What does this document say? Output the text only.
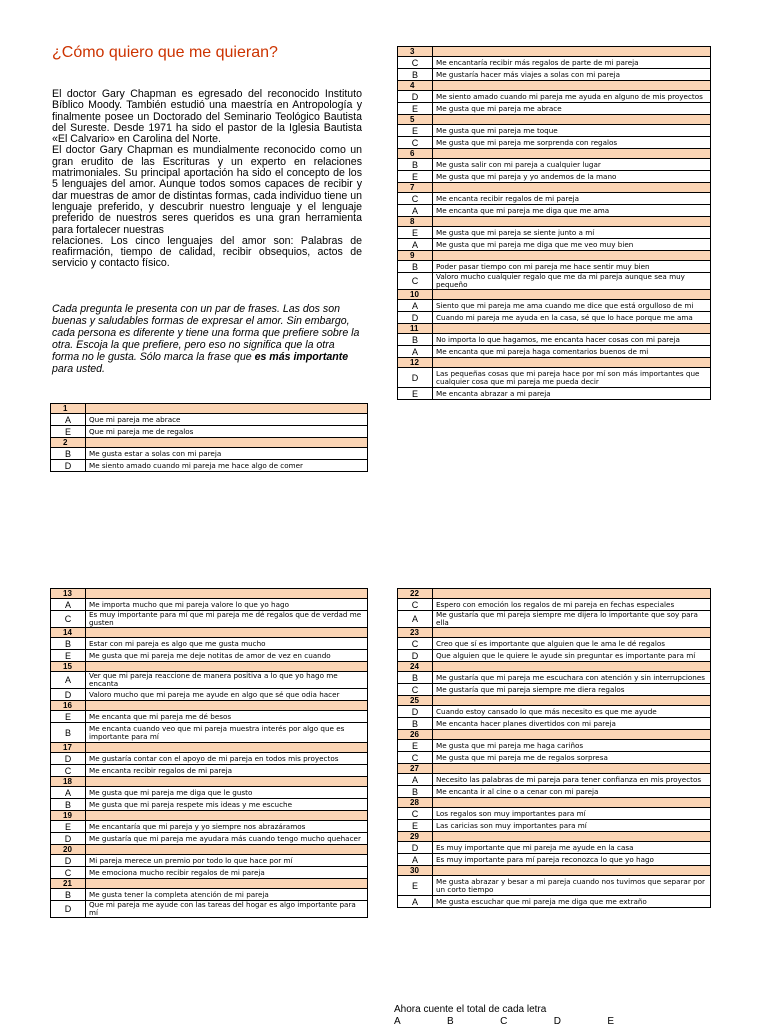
¿Cómo quiero que me quieran?

El doctor Gary Chapman es egresado del reconocido Instituto Bíblico Moody. También estudió una maestría en Antropología y finalmente posee un Doctorado del Seminario Teológico Bautista del Sureste. Desde 1971 ha sido el pastor de la Iglesia Bautista «El Calvario» en Carolina del Norte.

El doctor Gary Chapman es mundialmente reconocido como un gran erudito de las Escrituras y un experto en relaciones matrimoniales. Su principal aportación ha sido el concepto de los 5 lenguajes del amor. Aunque todos somos capaces de recibir y dar muestras de amor de distintas formas, cada individuo tiene un lenguaje preferido, y descubrir nuestro lenguaje y el lenguaje preferido de nuestros seres queridos es una gran herramienta para fortalecer nuestras

relaciones. Los cinco lenguajes del amor son: Palabras de reafirmación, tiempo de calidad, recibir obsequios, actos de servicio y contacto físico.

Cada pregunta le presenta con un par de frases. Las dos son buenas y saludables formas de expresar el amor. Sin embargo, cada persona es diferente y tiene una forma que prefiere sobre la otra. Escoja la que prefiere, pero eso no significa que la otra forma no le gusta. Sólo marca la frase que es más importante para usted.

1	
A	Que mi pareja me abrace
E	Que mi pareja me de regalos
2	
B	Me gusta estar a solas con mi pareja
D	Me siento amado cuando mi pareja me hace algo de comer
3	
C	Me encantaría recibir más regalos de parte de mi pareja
B	Me gustaría hacer más viajes a solas con mi pareja
4	
D	Me siento amado cuando mi pareja me ayuda en alguno de mis proyectos
E	Me gusta que mi pareja me abrace
5	
E	Me gusta que mi pareja me toque
C	Me gusta que mi pareja me sorprenda con regalos
6	
B	Me gusta salir con mi pareja a cualquier lugar
E	Me gusta que mi pareja y yo andemos de la mano
7	
C	Me encanta recibir regalos de mi pareja
A	Me encanta que mi pareja me diga que me ama
8	
E	Me gusta que mi pareja se siente junto a mí
A	Me gusta que mi pareja me diga que me veo muy bien
9	
B	Poder pasar tiempo con mi pareja me hace sentir muy bien
C	Valoro mucho cualquier regalo que me da mi pareja aunque sea muy pequeño
10	
A	Siento que mi pareja me ama cuando me dice que está orgulloso de mi
D	Cuando mi pareja me ayuda en la casa, sé que lo hace porque me ama
11	
B	No importa lo que hagamos, me encanta hacer cosas con mi pareja
A	Me encanta que mi pareja haga comentarios buenos de mi
12	
D	Las pequeñas cosas que mi pareja hace por mí son más importantes que cualquier cosa que mi pareja me pueda decir
E	Me encanta abrazar a mi pareja
13	
A	Me importa mucho que mi pareja valore lo que yo hago
C	Es muy importante para mí que mi pareja me dé regalos que de verdad me gusten
14	
B	Estar con mi pareja es algo que me gusta mucho
E	Me gusta que mi pareja me deje notitas de amor de vez en cuando
15	
A	Ver que mi pareja reaccione de manera positiva a lo que yo hago me encanta
D	Valoro mucho que mi pareja me ayude en algo que sé que odia hacer
16	
E	Me encanta que mi pareja me dé besos
B	Me encanta cuando veo que mi pareja muestra interés por algo que es importante para mí
17	
D	Me gustaría contar con el apoyo de mi pareja en todos mis proyectos
C	Me encanta recibir regalos de mi pareja
18	
A	Me gusta que mi pareja me diga que le gusto
B	Me gusta que mi pareja respete mis ideas y me escuche
19	
E	Me encantaría que mi pareja y yo siempre nos abrazáramos
D	Me gustaría que mi pareja me ayudara más cuando tengo mucho quehacer
20	
D	Mi pareja merece un premio por todo lo que hace por mí
C	Me emociona mucho recibir regalos de mi pareja
21	
B	Me gusta tener la completa atención de mi pareja
D	Que mi pareja me ayude con las tareas del hogar es algo importante para mí
22	
C	Espero con emoción los regalos de mi pareja en fechas especiales
A	Me gustaría que mi pareja siempre me dijera lo importante que soy para ella
23	
C	Creo que sí es importante que alguien que le ama le dé regalos
D	Que alguien que le quiere le ayude sin preguntar es importante para mí
24	
B	Me gustaría que mi pareja me escuchara con atención y sin interrupciones
C	Me gustaría que mi pareja siempre me diera regalos
25	
D	Cuando estoy cansado lo que más necesito es que me ayude
B	Me encanta hacer planes divertidos con mi pareja
26	
E	Me gusta que mi pareja me haga cariños
C	Me gusta que mi pareja me de regalos sorpresa
27	
A	Necesito las palabras de mi pareja para tener confianza en mis proyectos
B	Me encanta ir al cine o a cenar con mi pareja
28	
C	Los regalos son muy importantes para mí
E	Las caricias son muy importantes para mí
29	
D	Es muy importante que mi pareja me ayude en la casa
A	Es muy importante para mí pareja reconozca lo que yo hago
30	
E	Me gusta abrazar y besar a mi pareja cuando nos tuvimos que separar por un corto tiempo
A	Me gusta escuchar que mi pareja me diga que me extraño
Ahora cuente el total de cada letra
A	B	C	D	E
